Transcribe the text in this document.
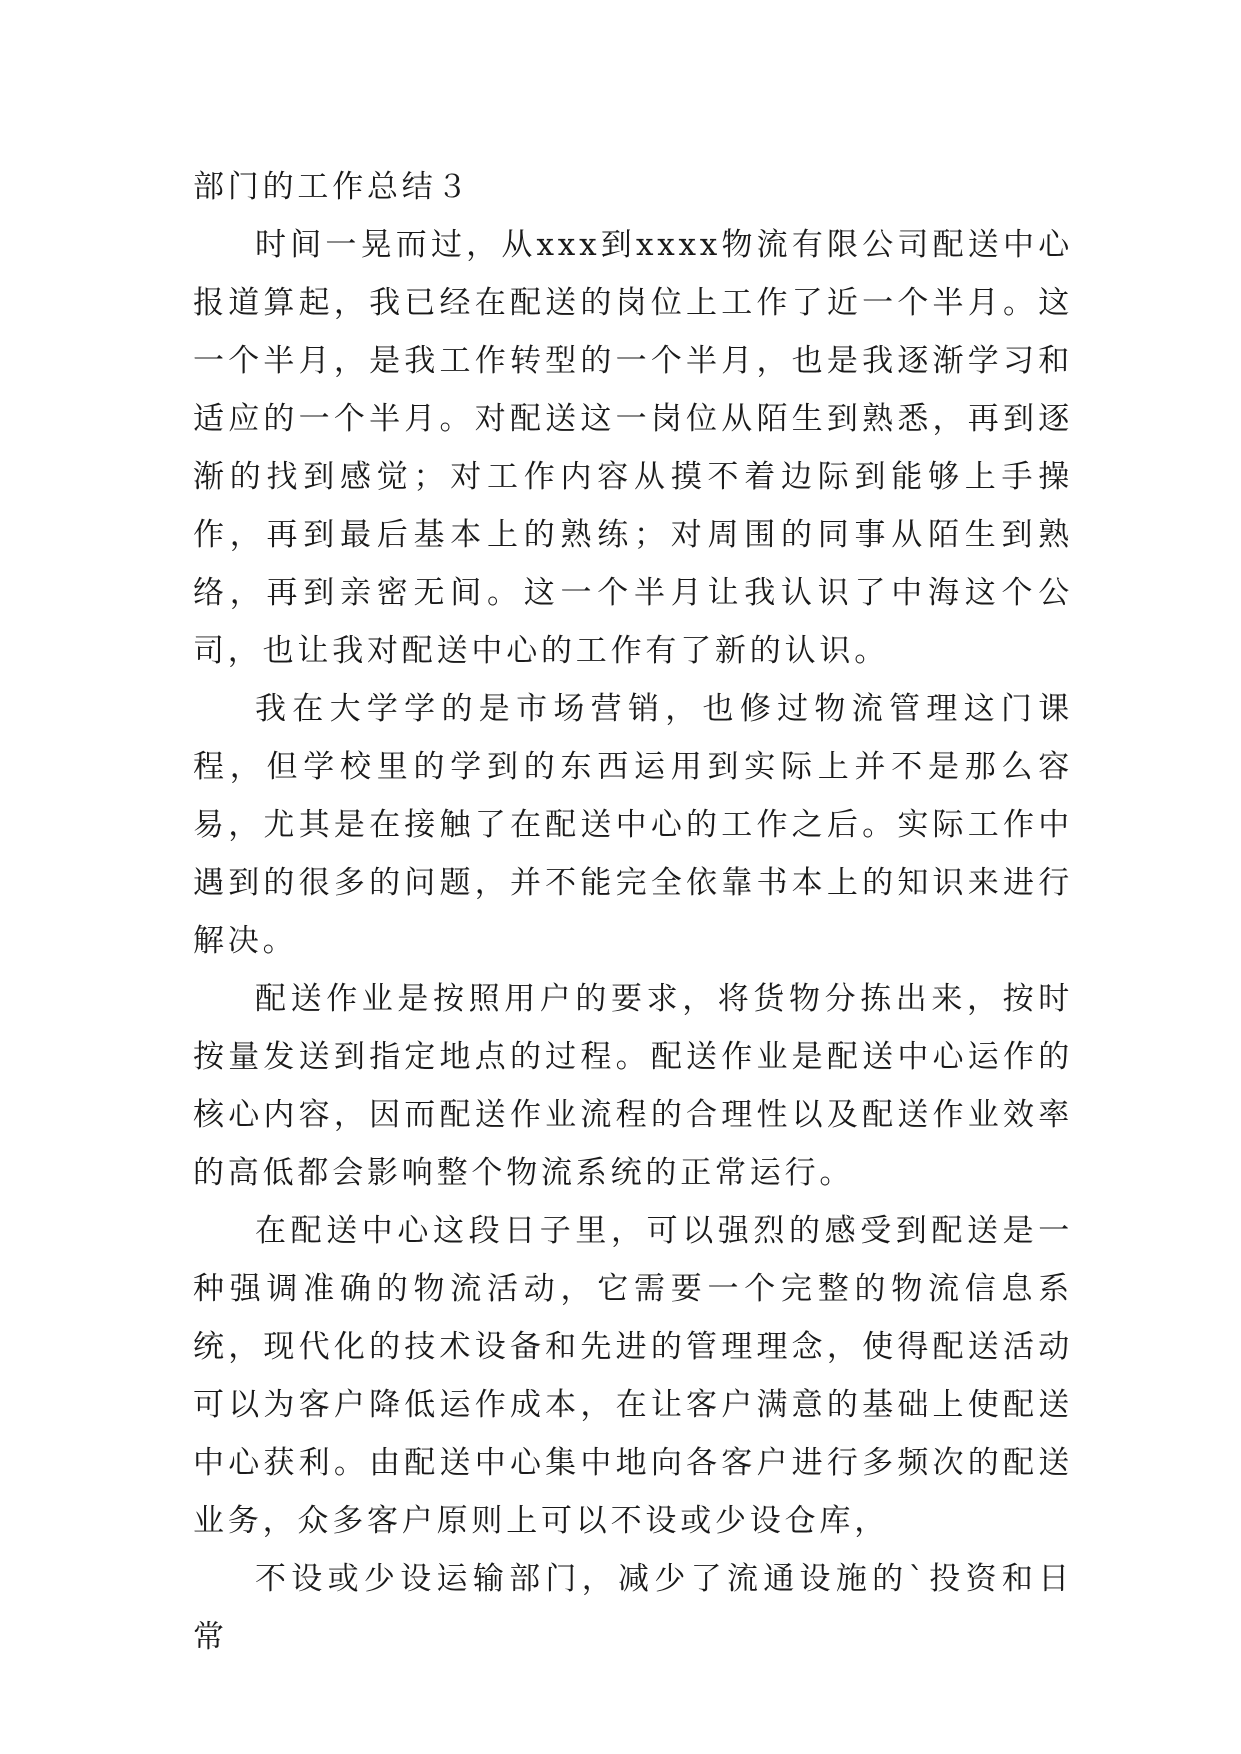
部门的工作总结３

时间一晃而过，从xxx到xxxx物流有限公司配送中心报道算起，我已经在配送的岗位上工作了近一个半月。这一个半月，是我工作转型的一个半月，也是我逐渐学习和适应的一个半月。对配送这一岗位从陌生到熟悉，再到逐渐的找到感觉；对工作内容从摸不着边际到能够上手操作，再到最后基本上的熟练；对周围的同事从陌生到熟络，再到亲密无间。这一个半月让我认识了中海这个公司，也让我对配送中心的工作有了新的认识。

我在大学学的是市场营销，也修过物流管理这门课程，但学校里的学到的东西运用到实际上并不是那么容易，尤其是在接触了在配送中心的工作之后。实际工作中遇到的很多的问题，并不能完全依靠书本上的知识来进行解决。

配送作业是按照用户的要求，将货物分拣出来，按时按量发送到指定地点的过程。配送作业是配送中心运作的核心内容，因而配送作业流程的合理性以及配送作业效率的高低都会影响整个物流系统的正常运行。

在配送中心这段日子里，可以强烈的感受到配送是一种强调准确的物流活动，它需要一个完整的物流信息系统，现代化的技术设备和先进的管理理念，使得配送活动可以为客户降低运作成本，在让客户满意的基础上使配送中心获利。由配送中心集中地向各客户进行多频次的配送业务，众多客户原则上可以不设或少设仓库，

不设或少设运输部门，减少了流通设施的`投资和日常
